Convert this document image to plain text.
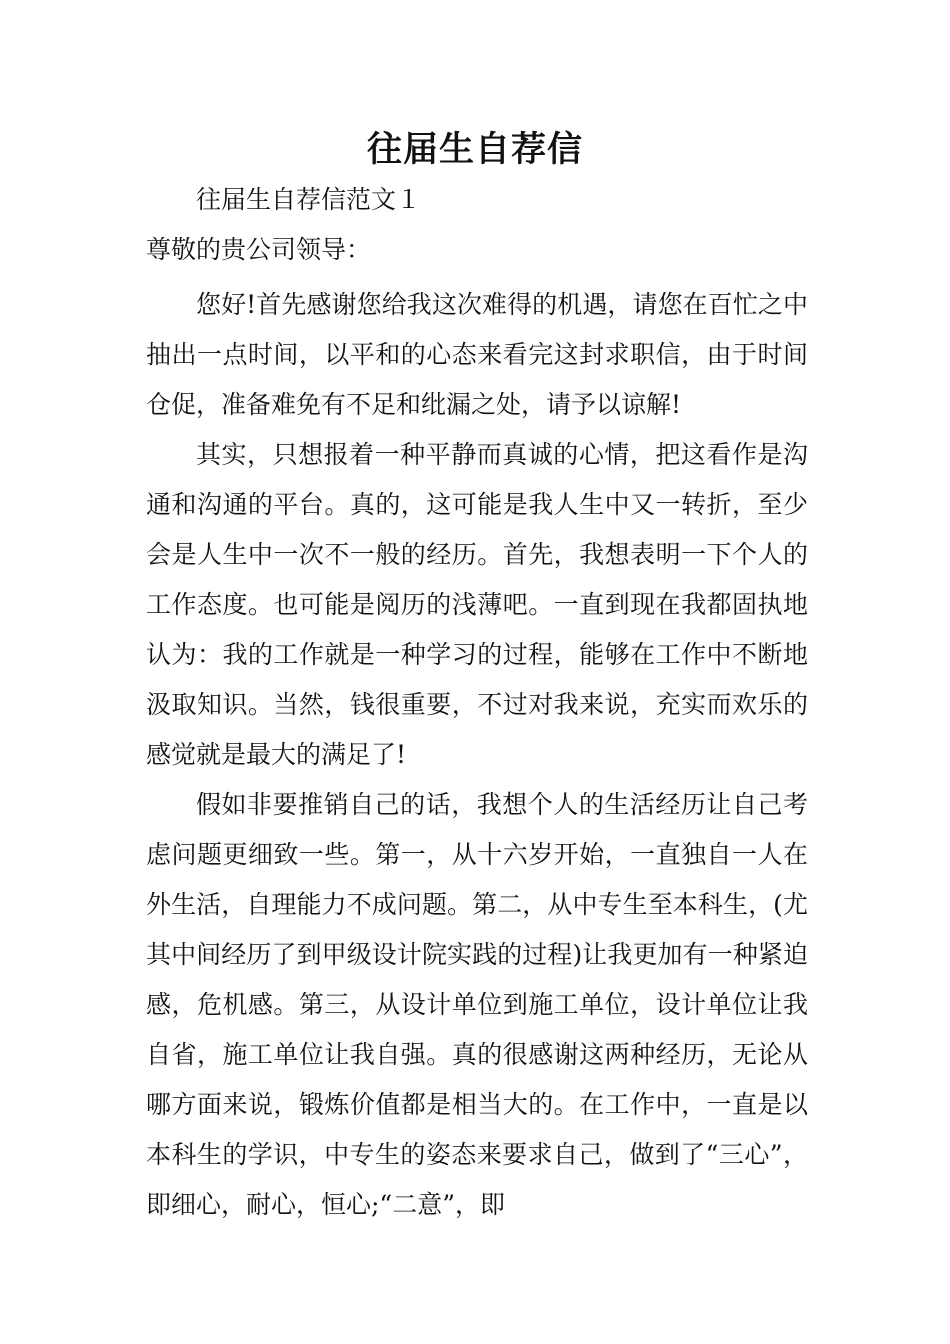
往届生自荐信

往届生自荐信范文１

尊敬的贵公司领导：

您好!首先感谢您给我这次难得的机遇，请您在百忙之中抽出一点时间，以平和的心态来看完这封求职信，由于时间仓促，准备难免有不足和纰漏之处，请予以谅解!

其实，只想报着一种平静而真诚的心情，把这看作是沟通和沟通的平台。真的，这可能是我人生中又一转折，至少会是人生中一次不一般的经历。首先，我想表明一下个人的工作态度。也可能是阅历的浅薄吧。一直到现在我都固执地认为：我的工作就是一种学习的过程，能够在工作中不断地汲取知识。当然，钱很重要，不过对我来说，充实而欢乐的感觉就是最大的满足了!

假如非要推销自己的话，我想个人的生活经历让自己考虑问题更细致一些。第一，从十六岁开始，一直独自一人在外生活，自理能力不成问题。第二，从中专生至本科生，(尤其中间经历了到甲级设计院实践的过程)让我更加有一种紧迫感，危机感。第三，从设计单位到施工单位，设计单位让我自省，施工单位让我自强。真的很感谢这两种经历，无论从哪方面来说，锻炼价值都是相当大的。在工作中，一直是以本科生的学识，中专生的姿态来要求自己，做到了“三心”，即细心，耐心，恒心;“二意”，即
